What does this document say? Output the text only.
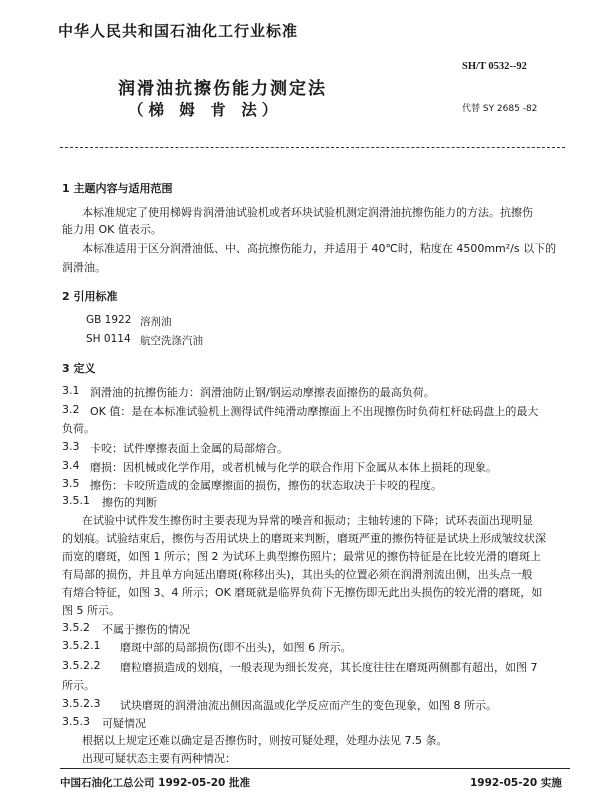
中华人民共和国石油化工行业标准
SH/T 0532--92
润滑油抗擦伤能力测定法
（梯 姆 肯 法）	代替 SY 2685 -82
1 主题内容与适用范围
本标准规定了使用梯姆肯润滑油试验机或者环块试验机测定润滑油抗擦伤能力的方法。抗擦伤
能力用 OK 值表示。
本标准适用于区分润滑油低、中、高抗擦伤能力，并适用于 40℃时，粘度在 4500mm²/s 以下的
润滑油。
2 引用标准
GB 1922 溶剂油
SH 0114 航空洗涤汽油
3 定义
3.1 润滑油的抗擦伤能力：润滑油防止钢/钢运动摩擦表面擦伤的最高负荷。
3.2 OK 值：是在本标准试验机上测得试件纯滑动摩擦面上不出现擦伤时负荷杠杆砝码盘上的最大
负荷。
3.3 卡咬：试件摩擦表面上金属的局部熔合。
3.4 磨损：因机械或化学作用，或者机械与化学的联合作用下金属从本体上损耗的现象。
3.5 擦伤：卡咬所造成的金属摩擦面的损伤，擦伤的状态取决于卡咬的程度。
3.5.1 擦伤的判断
在试验中试件发生擦伤时主要表现为异常的噪音和振动；主轴转速的下降；试环表面出现明显
的划痕。试验结束后，擦伤与否用试块上的磨斑来判断，磨斑严重的擦伤特征是试块上形成皱纹状深
而宽的磨斑，如图 1 所示；图 2 为试环上典型擦伤照片；最常见的擦伤特征是在比较光滑的磨斑上
有局部的损伤，并且单方向延出磨斑(称移出头)，其出头的位置必须在润滑剂流出侧，出头点一般
有熔合特征，如图 3、4 所示；OK 磨斑就是临界负荷下无擦伤即无此出头损伤的较光滑的磨斑，如
图 5 所示。
3.5.2 不属于擦伤的情况
3.5.2.1 磨斑中部的局部损伤(即不出头)，如图 6 所示。
3.5.2.2 磨粒磨损造成的划痕，一般表现为细长发亮，其长度往往在磨斑两侧都有超出，如图 7
所示。
3.5.2.3 试块磨斑的润滑油流出侧因高温或化学反应而产生的变色现象，如图 8 所示。
3.5.3 可疑情况
根据以上规定还难以确定是否擦伤时，则按可疑处理，处理办法见 7.5 条。
出现可疑状态主要有两种情况：
中国石油化工总公司 1992-05-20 批准	1992-05-20 实施
